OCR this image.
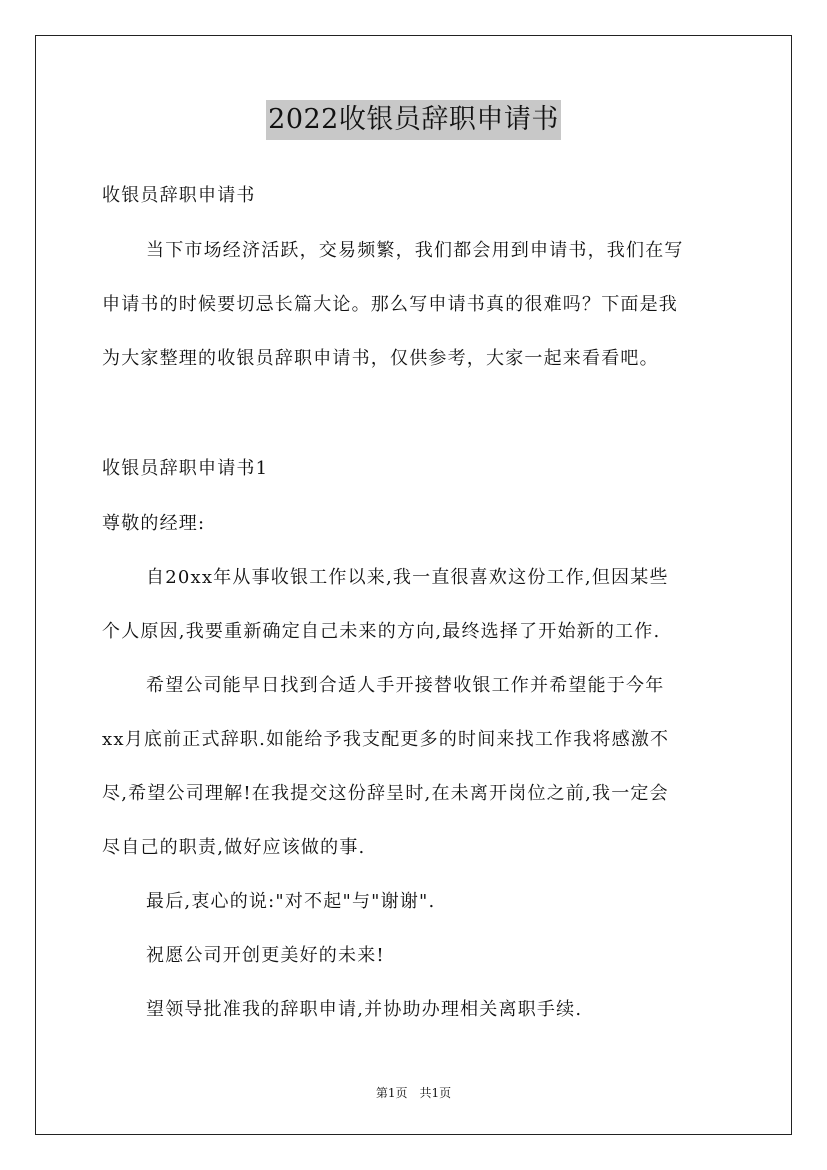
2022收银员辞职申请书

收银员辞职申请书

当下市场经济活跃，交易频繁，我们都会用到申请书，我们在写

申请书的时候要切忌长篇大论。那么写申请书真的很难吗？下面是我

为大家整理的收银员辞职申请书，仅供参考，大家一起来看看吧。

收银员辞职申请书1

尊敬的经理:

自20xx年从事收银工作以来,我一直很喜欢这份工作,但因某些

个人原因,我要重新确定自己未来的方向,最终选择了开始新的工作.

希望公司能早日找到合适人手开接替收银工作并希望能于今年

xx月底前正式辞职.如能给予我支配更多的时间来找工作我将感激不

尽,希望公司理解!在我提交这份辞呈时,在未离开岗位之前,我一定会

尽自己的职责,做好应该做的事.

最后,衷心的说:"对不起"与"谢谢".

祝愿公司开创更美好的未来!

望领导批准我的辞职申请,并协助办理相关离职手续.

第1页　共1页
